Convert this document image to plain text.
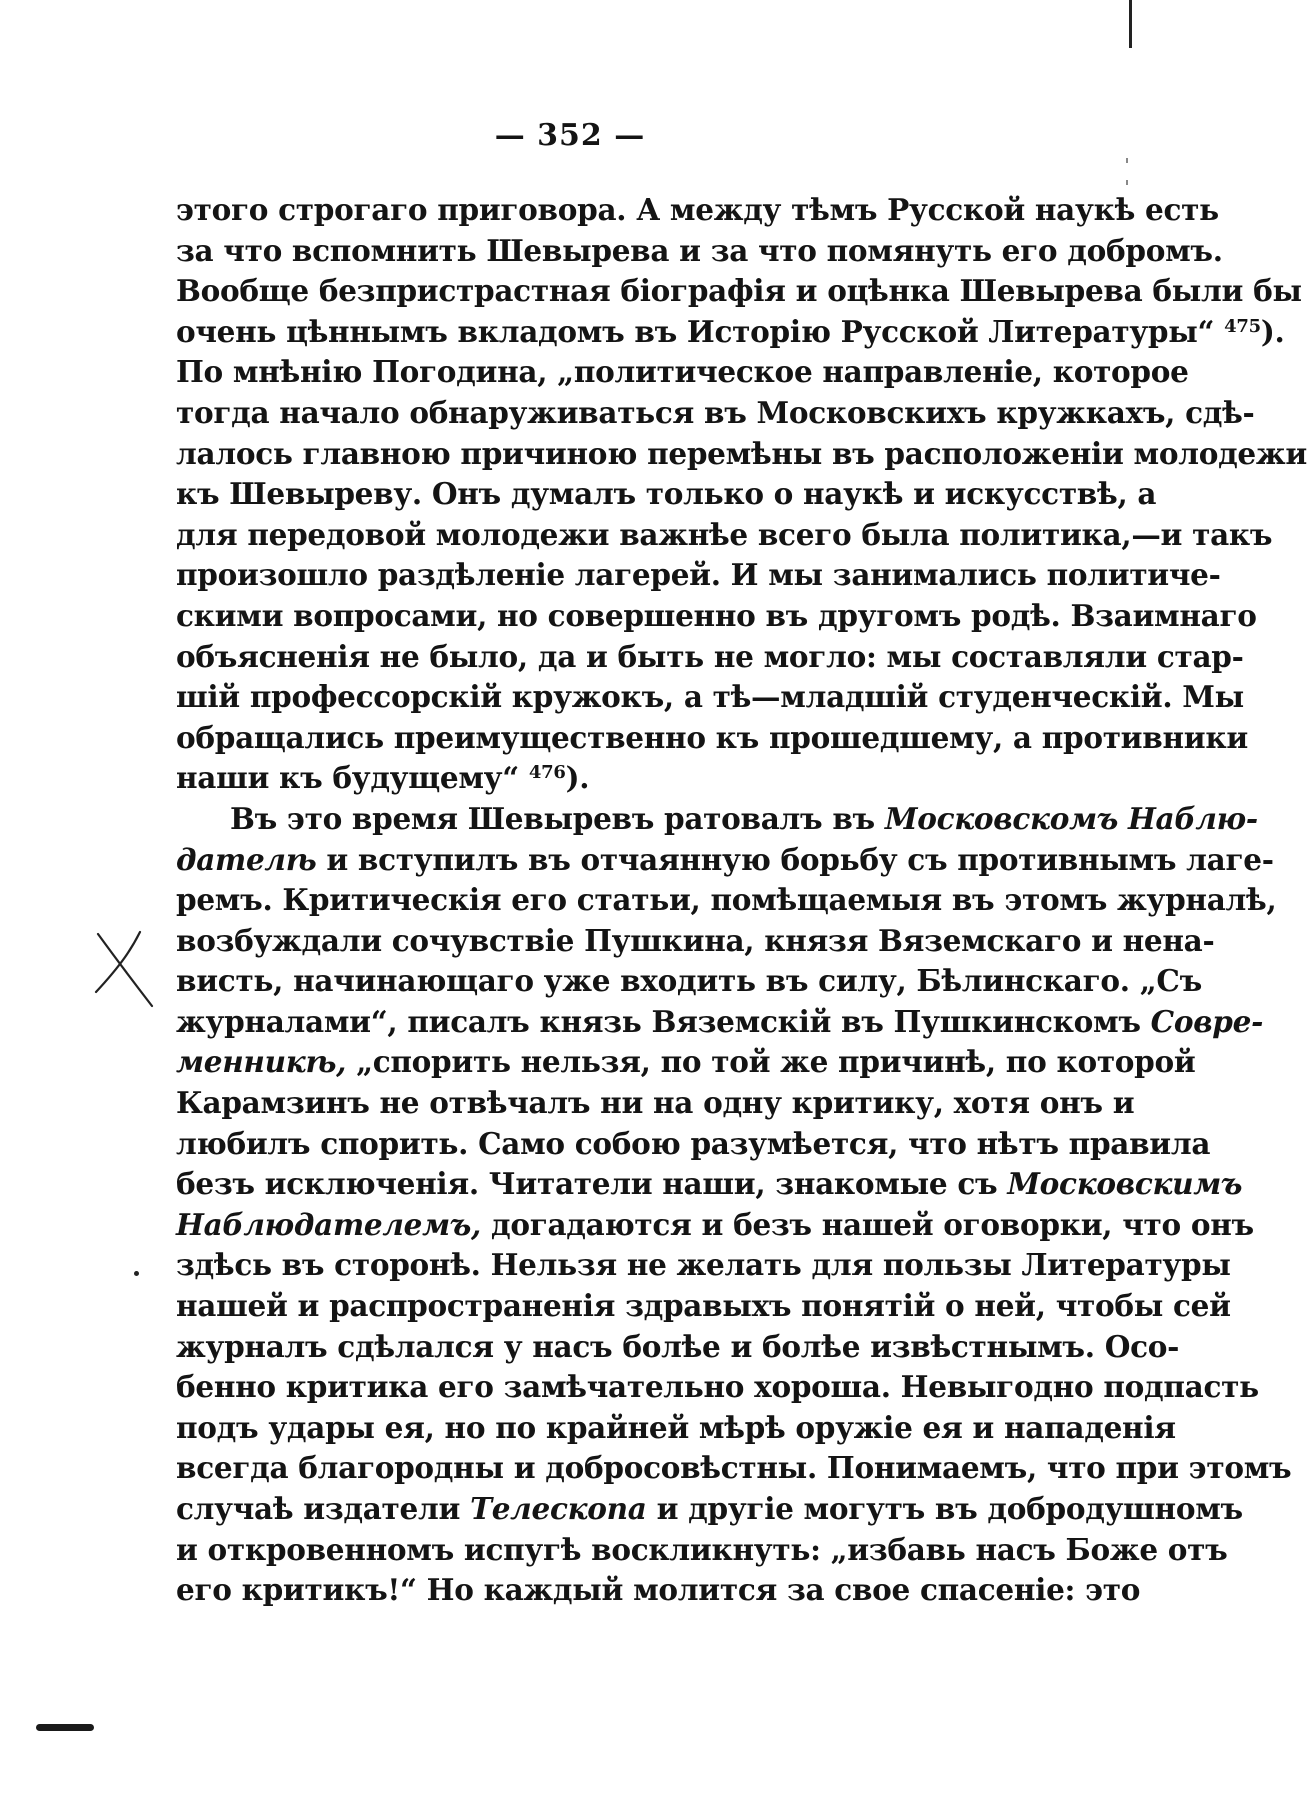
— 352 —
этого строгаго приговора. А между тѣмъ Русской наукѣ есть
за что вспомнить Шевырева и за что помянуть его добромъ.
Вообще безпристрастная біографія и оцѣнка Шевырева были бы
очень цѣннымъ вкладомъ въ Исторію Русской Литературы“ $^{475}$).
По мнѣнію Погодина, „политическое направленіе, которое
тогда начало обнаруживаться въ Московскихъ кружкахъ, сдѣ-
лалось главною причиною перемѣны въ расположеніи молодежи
къ Шевыреву. Онъ думалъ только о наукѣ и искусствѣ, а
для передовой молодежи важнѣе всего была политика,—и такъ
произошло раздѣленіе лагерей. И мы занимались политиче-
скими вопросами, но совершенно въ другомъ родѣ. Взаимнаго
объясненія не было, да и быть не могло: мы составляли стар-
шій профессорскій кружокъ, а тѣ—младшій студенческій. Мы
обращались преимущественно къ прошедшему, а противники
наши къ будущему“ $^{476}$).
Въ это время Шевыревъ ратовалъ въ Московскомъ Наблю-
дателѣ и вступилъ въ отчаянную борьбу съ противнымъ лаге-
ремъ. Критическія его статьи, помѣщаемыя въ этомъ журналѣ,
возбуждали сочувствіе Пушкина, князя Вяземскаго и нена-
висть, начинающаго уже входить въ силу, Бѣлинскаго. „Съ
журналами“, писалъ князь Вяземскій въ Пушкинскомъ Совре-
менникѣ, „спорить нельзя, по той же причинѣ, по которой
Карамзинъ не отвѣчалъ ни на одну критику, хотя онъ и
любилъ спорить. Само собою разумѣется, что нѣтъ правила
безъ исключенія. Читатели наши, знакомые съ Московскимъ
Наблюдателемъ, догадаются и безъ нашей оговорки, что онъ
здѣсь въ сторонѣ. Нельзя не желать для пользы Литературы
нашей и распространенія здравыхъ понятій о ней, чтобы сей
журналъ сдѣлался у насъ болѣе и болѣе извѣстнымъ. Осо-
бенно критика его замѣчательно хороша. Невыгодно подпасть
подъ удары ея, но по крайней мѣрѣ оружіе ея и нападенія
всегда благородны и добросовѣстны. Понимаемъ, что при этомъ
случаѣ издатели Телескопа и другіе могутъ въ добродушномъ
и откровенномъ испугѣ воскликнуть: „избавь насъ Боже отъ
его критикъ!“ Но каждый молится за свое спасеніе: это
